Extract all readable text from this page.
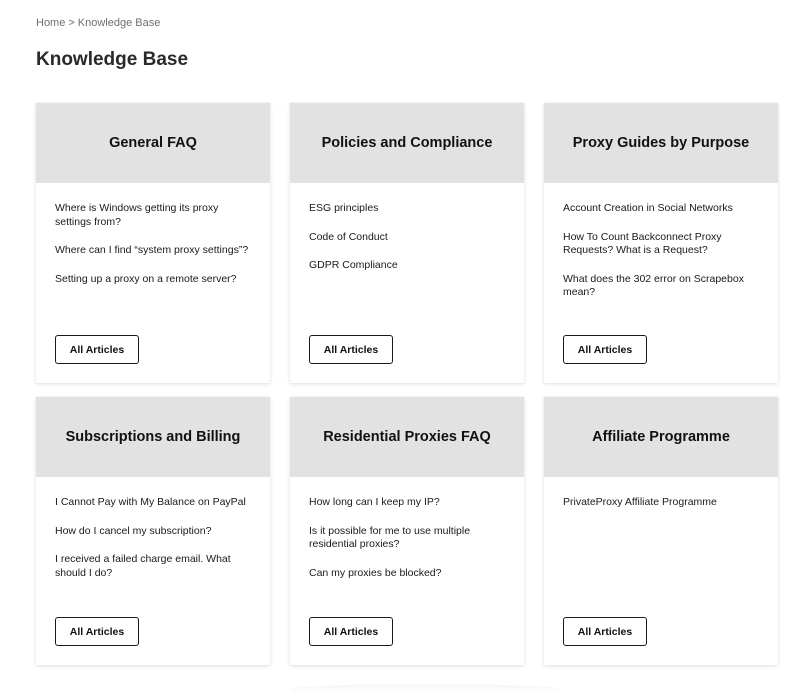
Home > Knowledge Base
Knowledge Base
General FAQ
Where is Windows getting its proxy settings from?
Where can I find “system proxy settings”?
Setting up a proxy on a remote server?
All Articles
Policies and Compliance
ESG principles
Code of Conduct
GDPR Compliance
All Articles
Proxy Guides by Purpose
Account Creation in Social Networks
How To Count Backconnect Proxy Requests? What is a Request?
What does the 302 error on Scrapebox mean?
All Articles
Subscriptions and Billing
I Cannot Pay with My Balance on PayPal
How do I cancel my subscription?
I received a failed charge email. What should I do?
All Articles
Residential Proxies FAQ
How long can I keep my IP?
Is it possible for me to use multiple residential proxies?
Can my proxies be blocked?
All Articles
Affiliate Programme
PrivateProxy Affiliate Programme
All Articles
